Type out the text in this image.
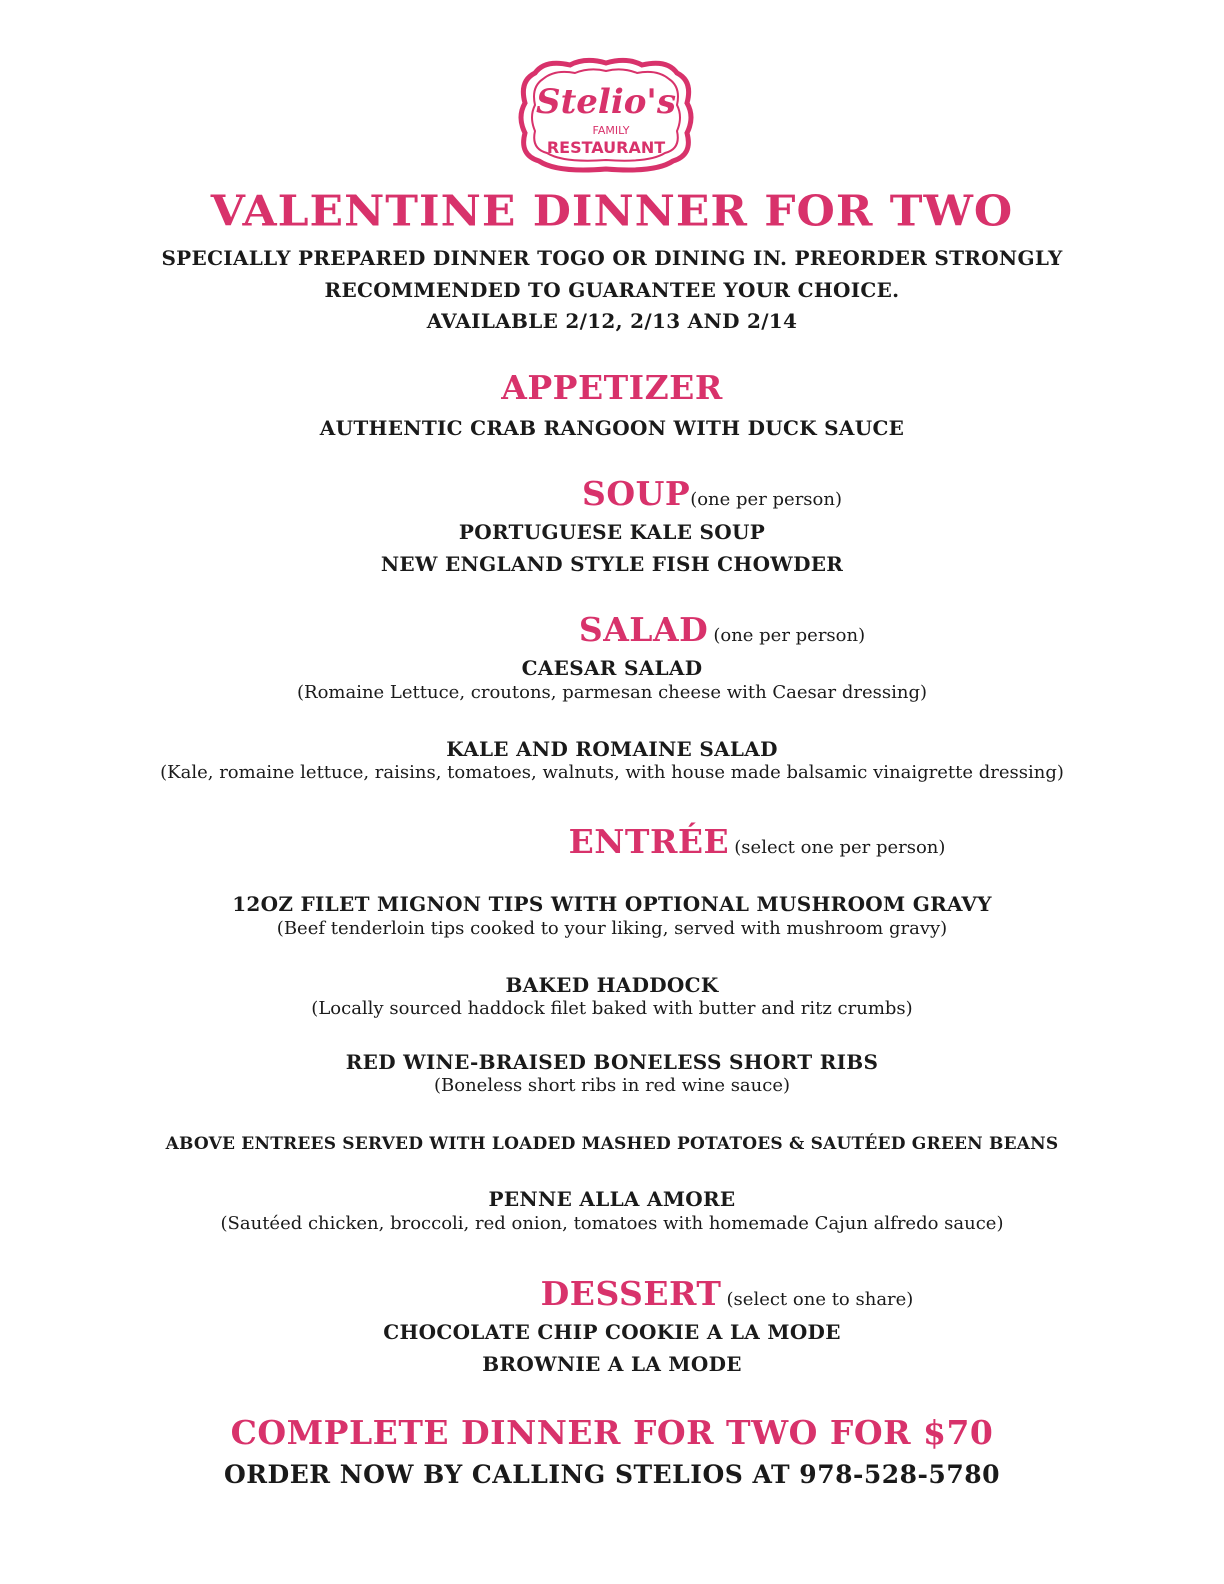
Stelio's
FAMILY
RESTAURANT
VALENTINE DINNER FOR TWO
SPECIALLY PREPARED DINNER TOGO OR DINING IN. PREORDER STRONGLY
RECOMMENDED TO GUARANTEE YOUR CHOICE.
AVAILABLE 2/12, 2/13 AND 2/14
APPETIZER
AUTHENTIC CRAB RANGOON WITH DUCK SAUCE
SOUP(one per person)
PORTUGUESE KALE SOUP
NEW ENGLAND STYLE FISH CHOWDER
SALAD (one per person)
CAESAR SALAD
(Romaine Lettuce, croutons, parmesan cheese with Caesar dressing)
KALE AND ROMAINE SALAD
(Kale, romaine lettuce, raisins, tomatoes, walnuts, with house made balsamic vinaigrette dressing)
ENTRÉE (select one per person)
12OZ FILET MIGNON TIPS WITH OPTIONAL MUSHROOM GRAVY
(Beef tenderloin tips cooked to your liking, served with mushroom gravy)
BAKED HADDOCK
(Locally sourced haddock filet baked with butter and ritz crumbs)
RED WINE-BRAISED BONELESS SHORT RIBS
(Boneless short ribs in red wine sauce)
ABOVE ENTREES SERVED WITH LOADED MASHED POTATOES & SAUTÉED GREEN BEANS
PENNE ALLA AMORE
(Sautéed chicken, broccoli, red onion, tomatoes with homemade Cajun alfredo sauce)
DESSERT (select one to share)
CHOCOLATE CHIP COOKIE A LA MODE
BROWNIE A LA MODE
COMPLETE DINNER FOR TWO FOR $70
ORDER NOW BY CALLING STELIOS AT 978-528-5780
